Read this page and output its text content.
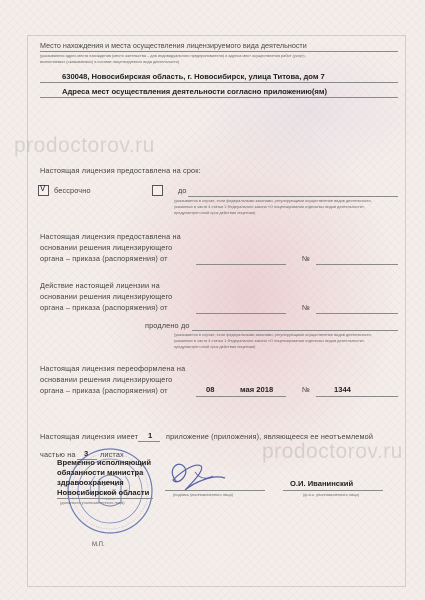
prodoctorov.ru
prodoctorov.ru
Место нахождения и места осуществления лицензируемого вида деятельности
(указываются адрес места нахождения (место жительства – для индивидуального предпринимателя) и адреса мест осуществления работ (услуг),
выполняемых (оказываемых) в составе лицензируемого вида деятельности)
630048, Новосибирская область, г. Новосибирск, улица Титова, дом 7
Адреса мест осуществления деятельности согласно приложению(ям)
Настоящая лицензия предоставлена на срок:
V бессрочно	до
(указывается в случае, если федеральными законами, регулирующими осуществление видов деятельности,
указанных в части 4 статьи 1 Федерального закона «О лицензировании отдельных видов деятельности»,
предусмотрен иной срок действия лицензии)
Настоящая лицензия предоставлена на
основании решения лицензирующего
органа – приказа (распоряжения) от	№
Действие настоящей лицензии на
основании решения лицензирующего
органа – приказа (распоряжения) от	№
продлено до
(указывается в случае, если федеральными законами, регулирующими осуществление видов деятельности,
указанных в части 4 статьи 1 Федерального закона «О лицензировании отдельных видов деятельности»,
предусмотрен иной срок действия лицензии)
Настоящая лицензия переоформлена на
основании решения лицензирующего
органа – приказа (распоряжения) от	08	мая 2018	№	1344
Настоящая лицензия имеет 1 приложение (приложения), являющееся ее неотъемлемой
частью на 3 листах
Временно исполняющий
обязанности министра
здравоохранения
Новосибирской области
(должность уполномоченного лица)
(подпись уполномоченного лица)
О.И. Иванинский
(ф.и.о. уполномоченного лица)
М.П.
